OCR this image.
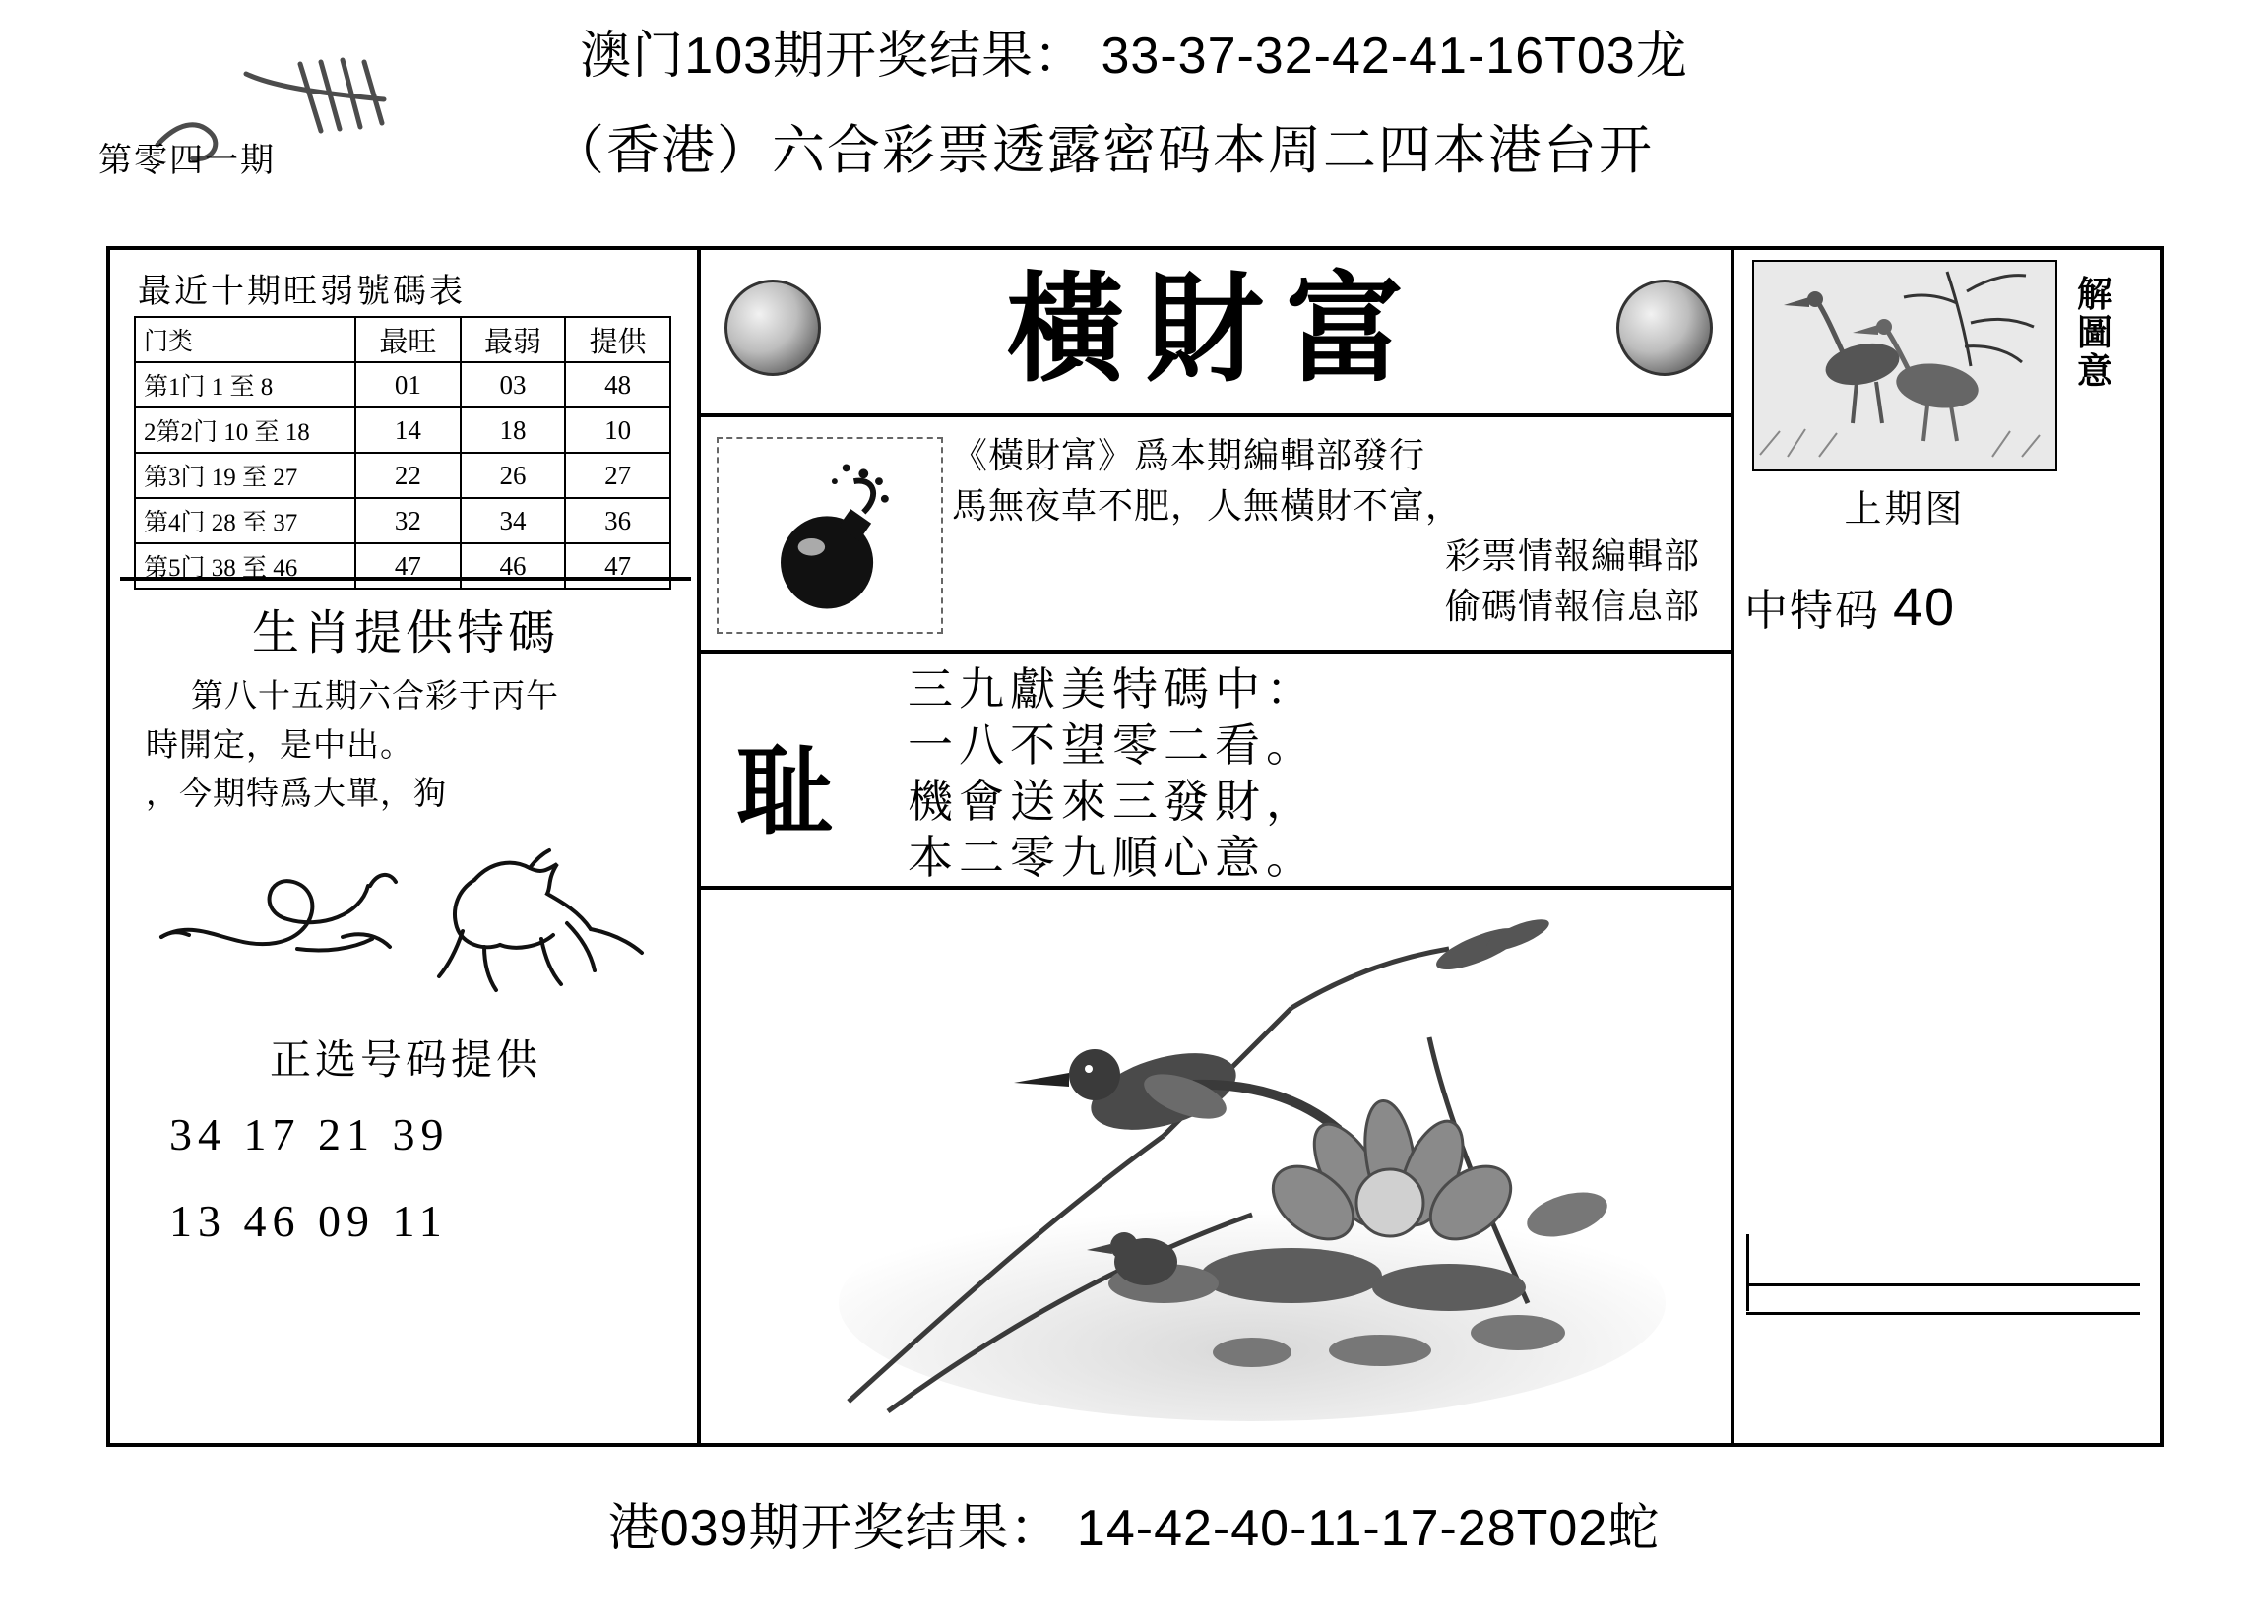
澳门103期开奖结果： 33-37-32-42-41-16T03龙
第零四一期	（香港）六合彩票透露密码本周二四本港台开
最近十期旺弱號碼表
门类	最旺	最弱	提供
第1门 1 至 8	01	03	48
2第2门 10 至 18	14	18	10
第3门 19 至 27	22	26	27
第4门 28 至 37	32	34	36
第5门 38 至 46	47	46	47
生肖提供特碼
第八十五期六合彩于丙午
時開定，是中出。
，今期特爲大單，狗
正选号码提供
34 17 21 39
13 46 09 11
橫財富
《橫財富》爲本期編輯部發行
馬無夜草不肥，人無橫財不富，
彩票情報編輯部
偷碼情報信息部
耻
三九獻美特碼中：
一八不望零二看。
機會送來三發財，
本二零九順心意。
解圖意
上期图
中特码 40
港039期开奖结果： 14-42-40-11-17-28T02蛇
